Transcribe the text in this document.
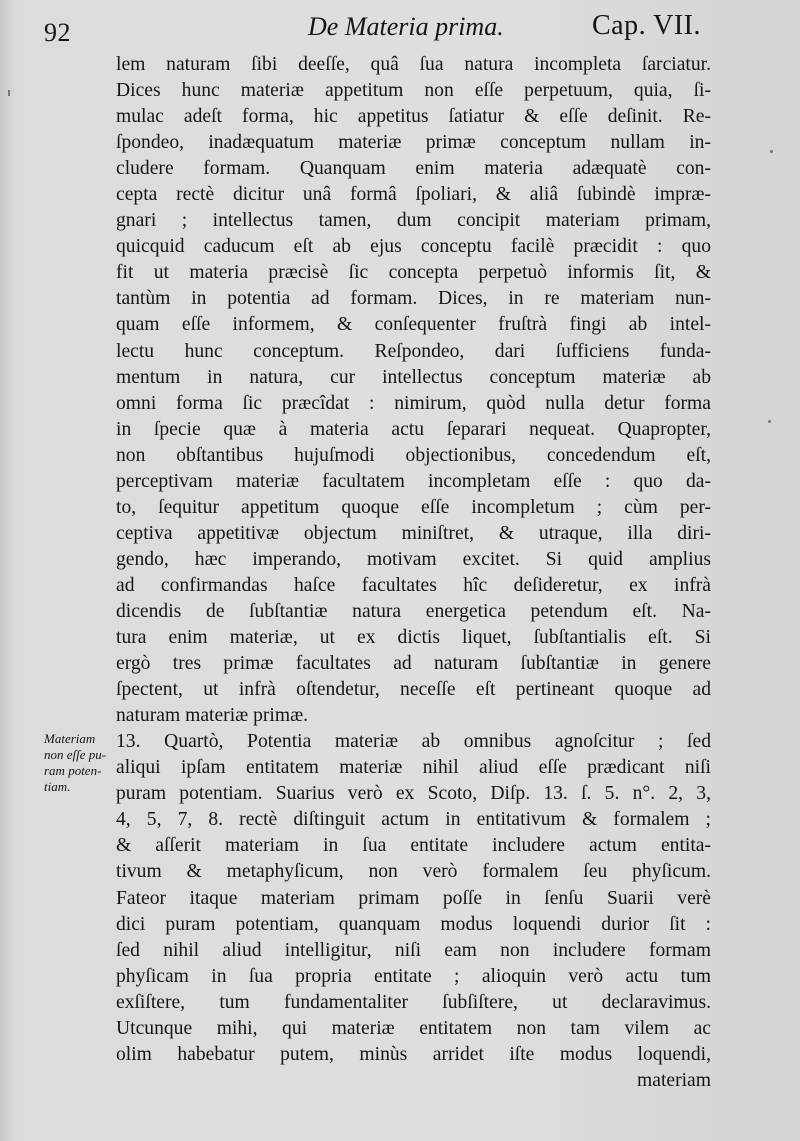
92	De Materia prima.	Cap. VII.
Materiam
non eſſe pu-
ram poten-
tiam.
lem naturam ſibi deeſſe, quâ ſua natura incompleta ſarciatur.
Dices hunc materiæ appetitum non eſſe perpetuum, quia, ſi-
mulac adeſt forma, hic appetitus ſatiatur & eſſe deſinit. Re-
ſpondeo, inadæquatum materiæ primæ conceptum nullam in-
cludere formam. Quanquam enim materia adæquatè con-
cepta rectè dicitur unâ formâ ſpoliari, & aliâ ſubindè impræ-
gnari ; intellectus tamen, dum concipit materiam primam,
quicquid caducum eſt ab ejus conceptu facilè præcidit : quo
fit ut materia præcisè ſic concepta perpetuò informis ſit, &
tantùm in potentia ad formam. Dices, in re materiam nun-
quam eſſe informem, & conſequenter fruſtrà fingi ab intel-
lectu hunc conceptum. Reſpondeo, dari ſufficiens funda-
mentum in natura, cur intellectus conceptum materiæ ab
omni forma ſic præcîdat : nimirum, quòd nulla detur forma
in ſpecie quæ à materia actu ſeparari nequeat. Quapropter,
non obſtantibus hujuſmodi objectionibus, concedendum eſt,
perceptivam materiæ facultatem incompletam eſſe : quo da-
to, ſequitur appetitum quoque eſſe incompletum ; cùm per-
ceptiva appetitivæ objectum miniſtret, & utraque, illa diri-
gendo, hæc imperando, motivam excitet. Si quid amplius
ad confirmandas haſce facultates hîc deſideretur, ex infrà
dicendis de ſubſtantiæ natura energetica petendum eſt. Na-
tura enim materiæ, ut ex dictis liquet, ſubſtantialis eſt. Si
ergò tres primæ facultates ad naturam ſubſtantiæ in genere
ſpectent, ut infrà oſtendetur, neceſſe eſt pertineant quoque ad
naturam materiæ primæ.
13. Quartò, Potentia materiæ ab omnibus agnoſcitur ; ſed
aliqui ipſam entitatem materiæ nihil aliud eſſe prædicant niſi
puram potentiam. Suarius verò ex Scoto, Diſp. 13. ſ. 5. n°. 2, 3,
4, 5, 7, 8. rectè diſtinguit actum in entitativum & formalem ;
& aſſerit materiam in ſua entitate includere actum entita-
tivum & metaphyſicum, non verò formalem ſeu phyſicum.
Fateor itaque materiam primam poſſe in ſenſu Suarii verè
dici puram potentiam, quanquam modus loquendi durior ſit :
ſed nihil aliud intelligitur, niſi eam non includere formam
phyſicam in ſua propria entitate ; alioquin verò actu tum
exſiſtere, tum fundamentaliter ſubſiſtere, ut declaravimus.
Utcunque mihi, qui materiæ entitatem non tam vilem ac
olim habebatur putem, minùs arridet iſte modus loquendi,
materiam
